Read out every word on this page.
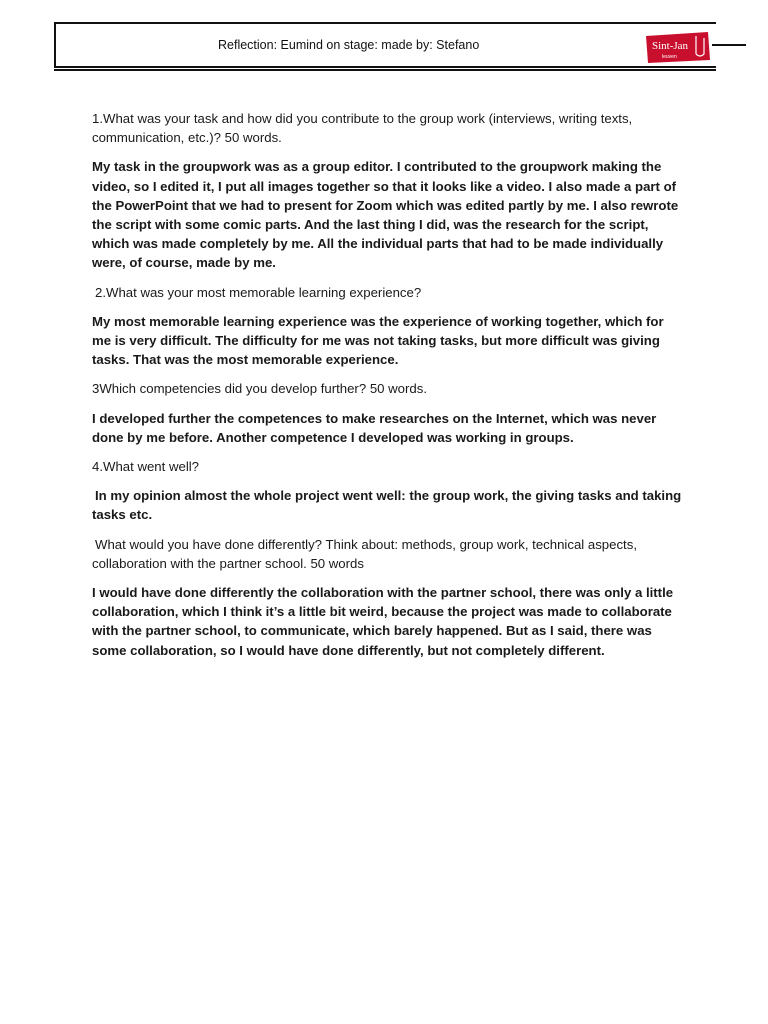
Reflection: Eumind on stage: made by: Stefano	Sint-Jan
leuven

1.What was your task and how did you contribute to the group work (interviews, writing texts, communication, etc.)? 50 words.

My task in the groupwork was as a group editor. I contributed to the groupwork making the video, so I edited it, I put all images together so that it looks like a video. I also made a part of the PowerPoint that we had to present for Zoom which was edited partly by me. I also rewrote the script with some comic parts. And the last thing I did, was the research for the script, which was made completely by me. All the individual parts that had to be made individually were, of course, made by me.

2.What was your most memorable learning experience?

My most memorable learning experience was the experience of working together, which for me is very difficult. The difficulty for me was not taking tasks, but more difficult was giving tasks. That was the most memorable experience.

3Which competencies did you develop further? 50 words.

I developed further the competences to make researches on the Internet, which was never done by me before. Another competence I developed was working in groups.

4.What went well?

In my opinion almost the whole project went well: the group work, the giving tasks and taking tasks etc.

What would you have done differently? Think about: methods, group work, technical aspects, collaboration with the partner school. 50 words

I would have done differently the collaboration with the partner school, there was only a little collaboration, which I think it’s a little bit weird, because the project was made to collaborate with the partner school, to communicate, which barely happened. But as I said, there was some collaboration, so I would have done differently, but not completely different.
